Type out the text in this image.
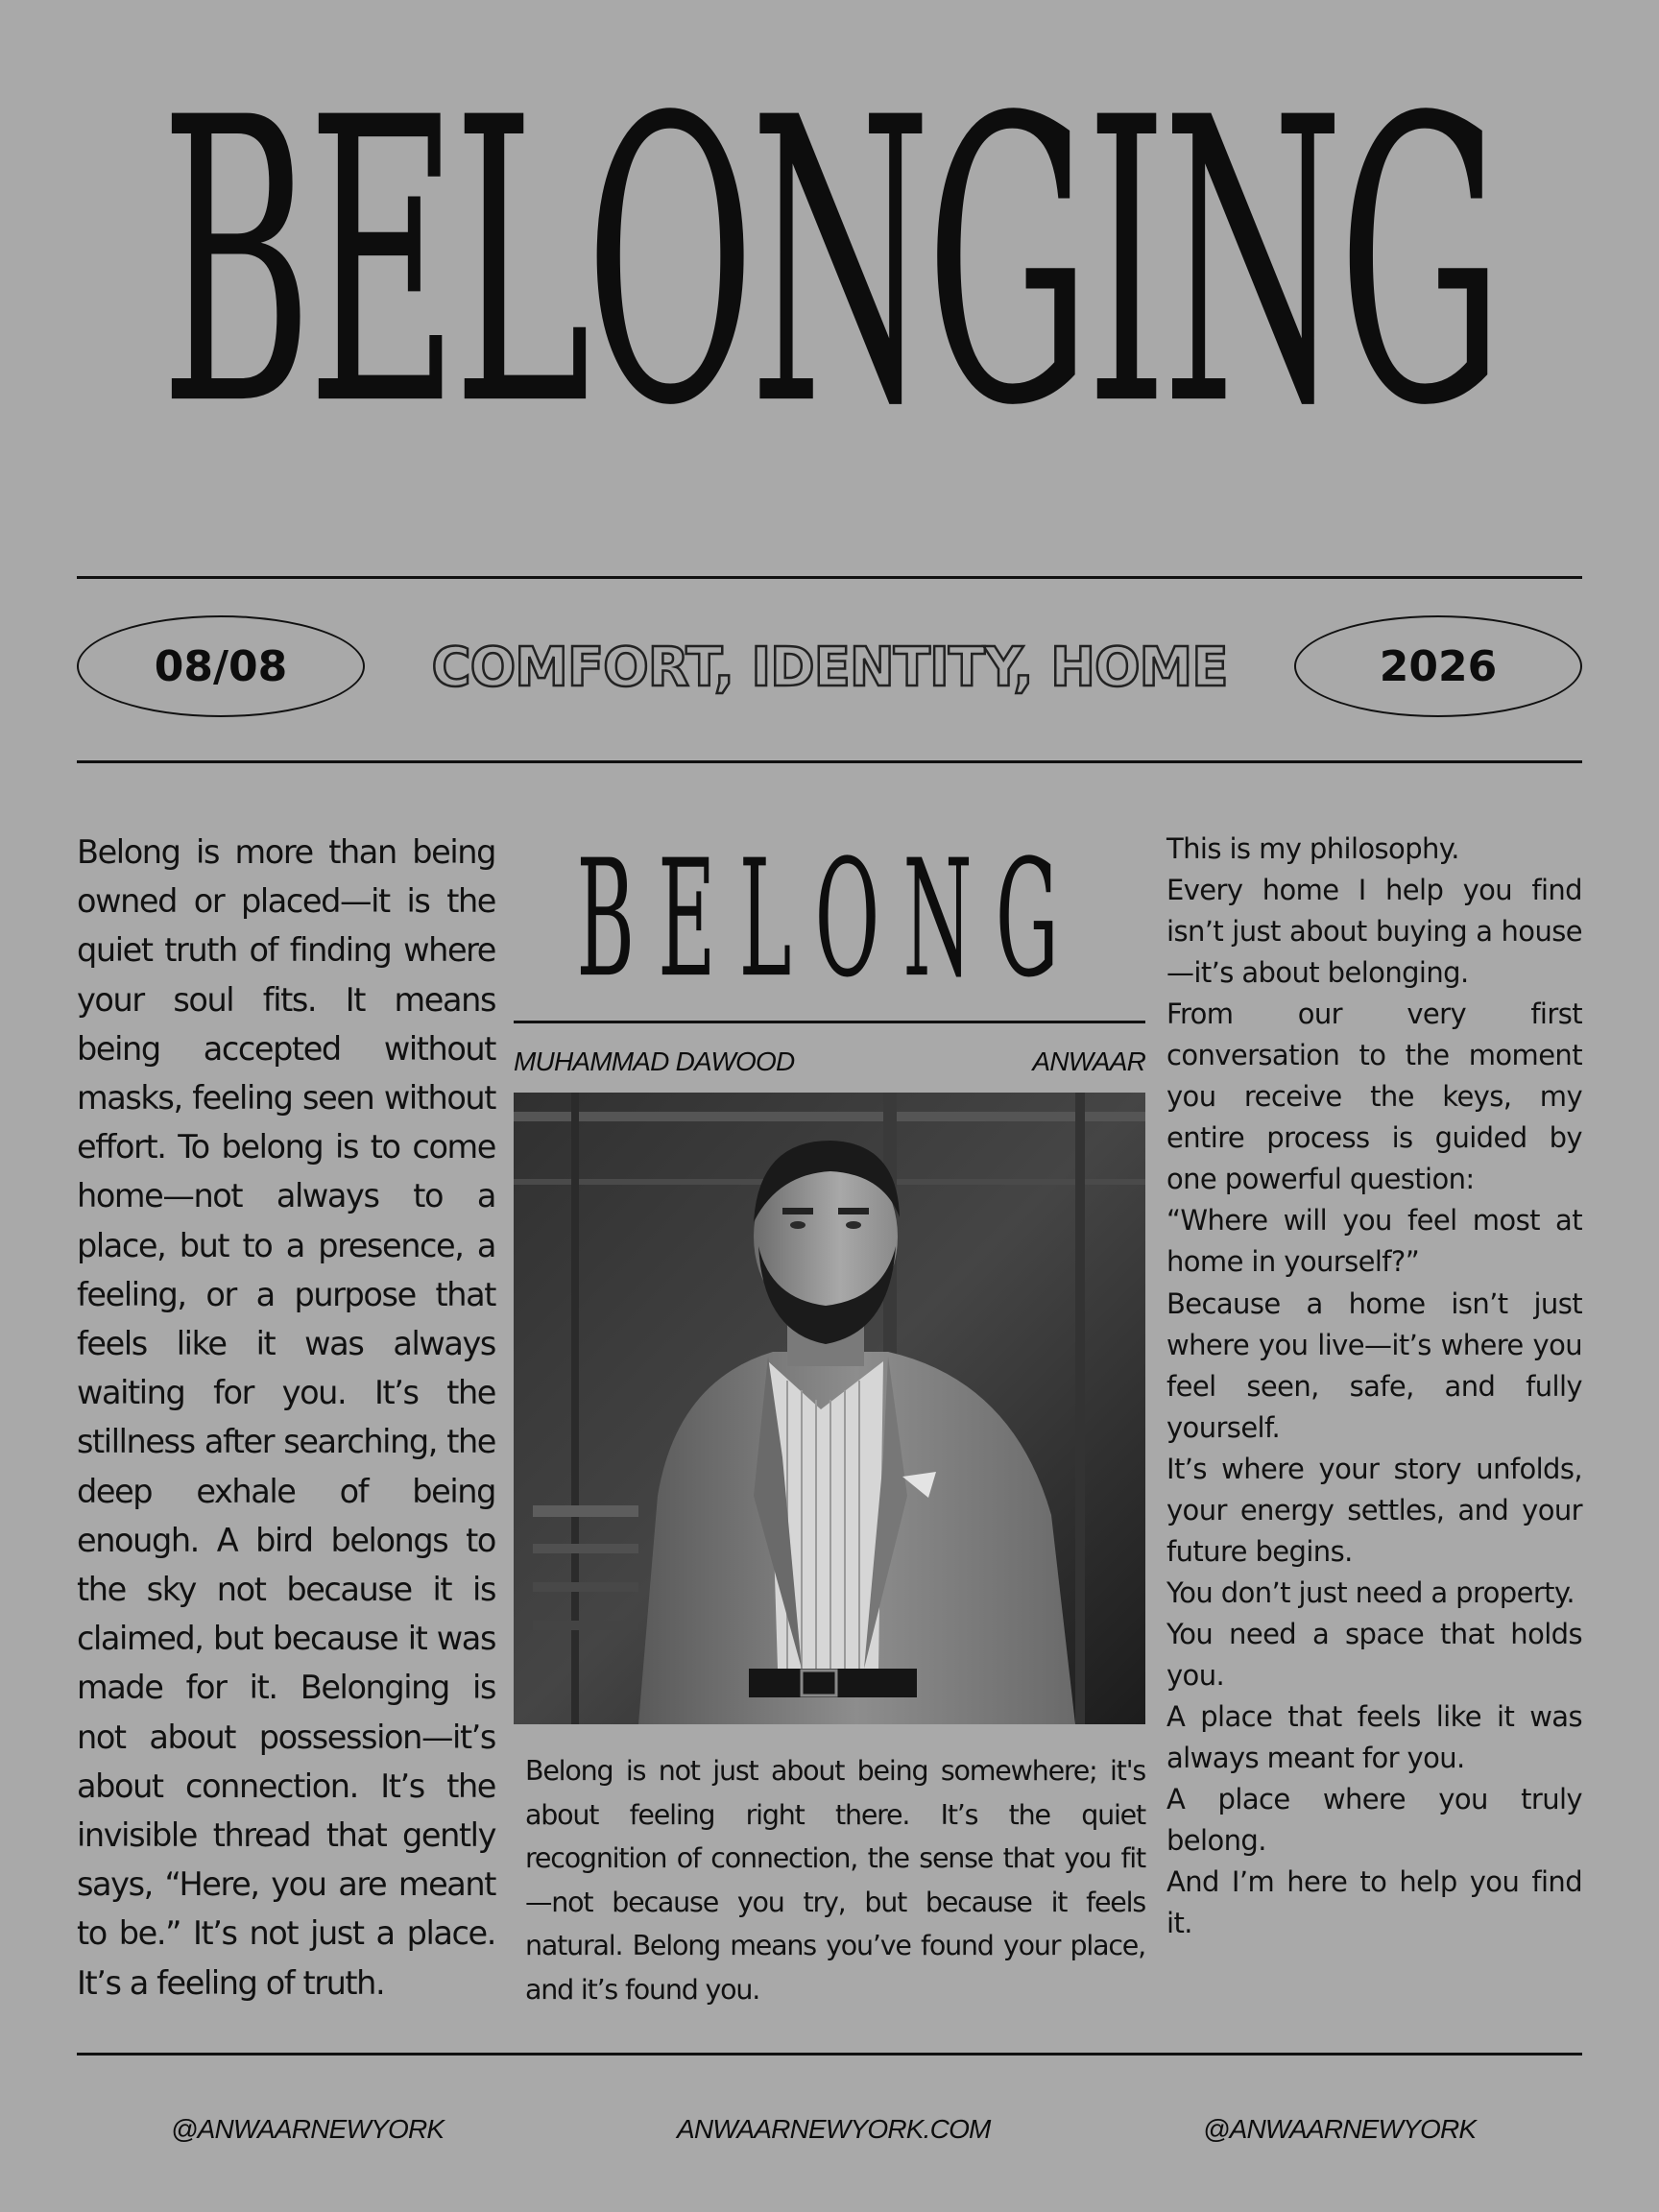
BELONGING
08/08	COMFORT, IDENTITY, HOME	2026

Belong is more than being owned or placed—it is the quiet truth of finding where your soul fits. It means being accepted without masks, feeling seen without effort. To belong is to come home—not always to a place, but to a presence, a feeling, or a purpose that feels like it was always waiting for you. It’s the stillness after searching, the deep exhale of being enough. A bird belongs to the sky not because it is claimed, but because it was made for it. Belonging is not about possession—it’s about connection. It’s the invisible thread that gently says, “Here, you are meant to be.” It’s not just a place. It’s a feeling of truth.

BELONG
MUHAMMAD DAWOOD	ANWAAR

Belong is not just about being somewhere; it's about feeling right there. It’s the quiet recognition of connection, the sense that you fit —not because you try, but because it feels natural. Belong means you’ve found your place, and it’s found you.

This is my philosophy.

Every home I help you find isn’t just about buying a house —it’s about belonging.

From our very first conversation to the moment you receive the keys, my entire process is guided by one powerful question:

“Where will you feel most at home in yourself?”

Because a home isn’t just where you live—it’s where you feel seen, safe, and fully yourself.

It’s where your story unfolds, your energy settles, and your future begins.

You don’t just need a property.

You need a space that holds you.

A place that feels like it was always meant for you.

A place where you truly belong.

And I’m here to help you find it.

@ANWAARNEWYORK	ANWAARNEWYORK.COM	@ANWAARNEWYORK
